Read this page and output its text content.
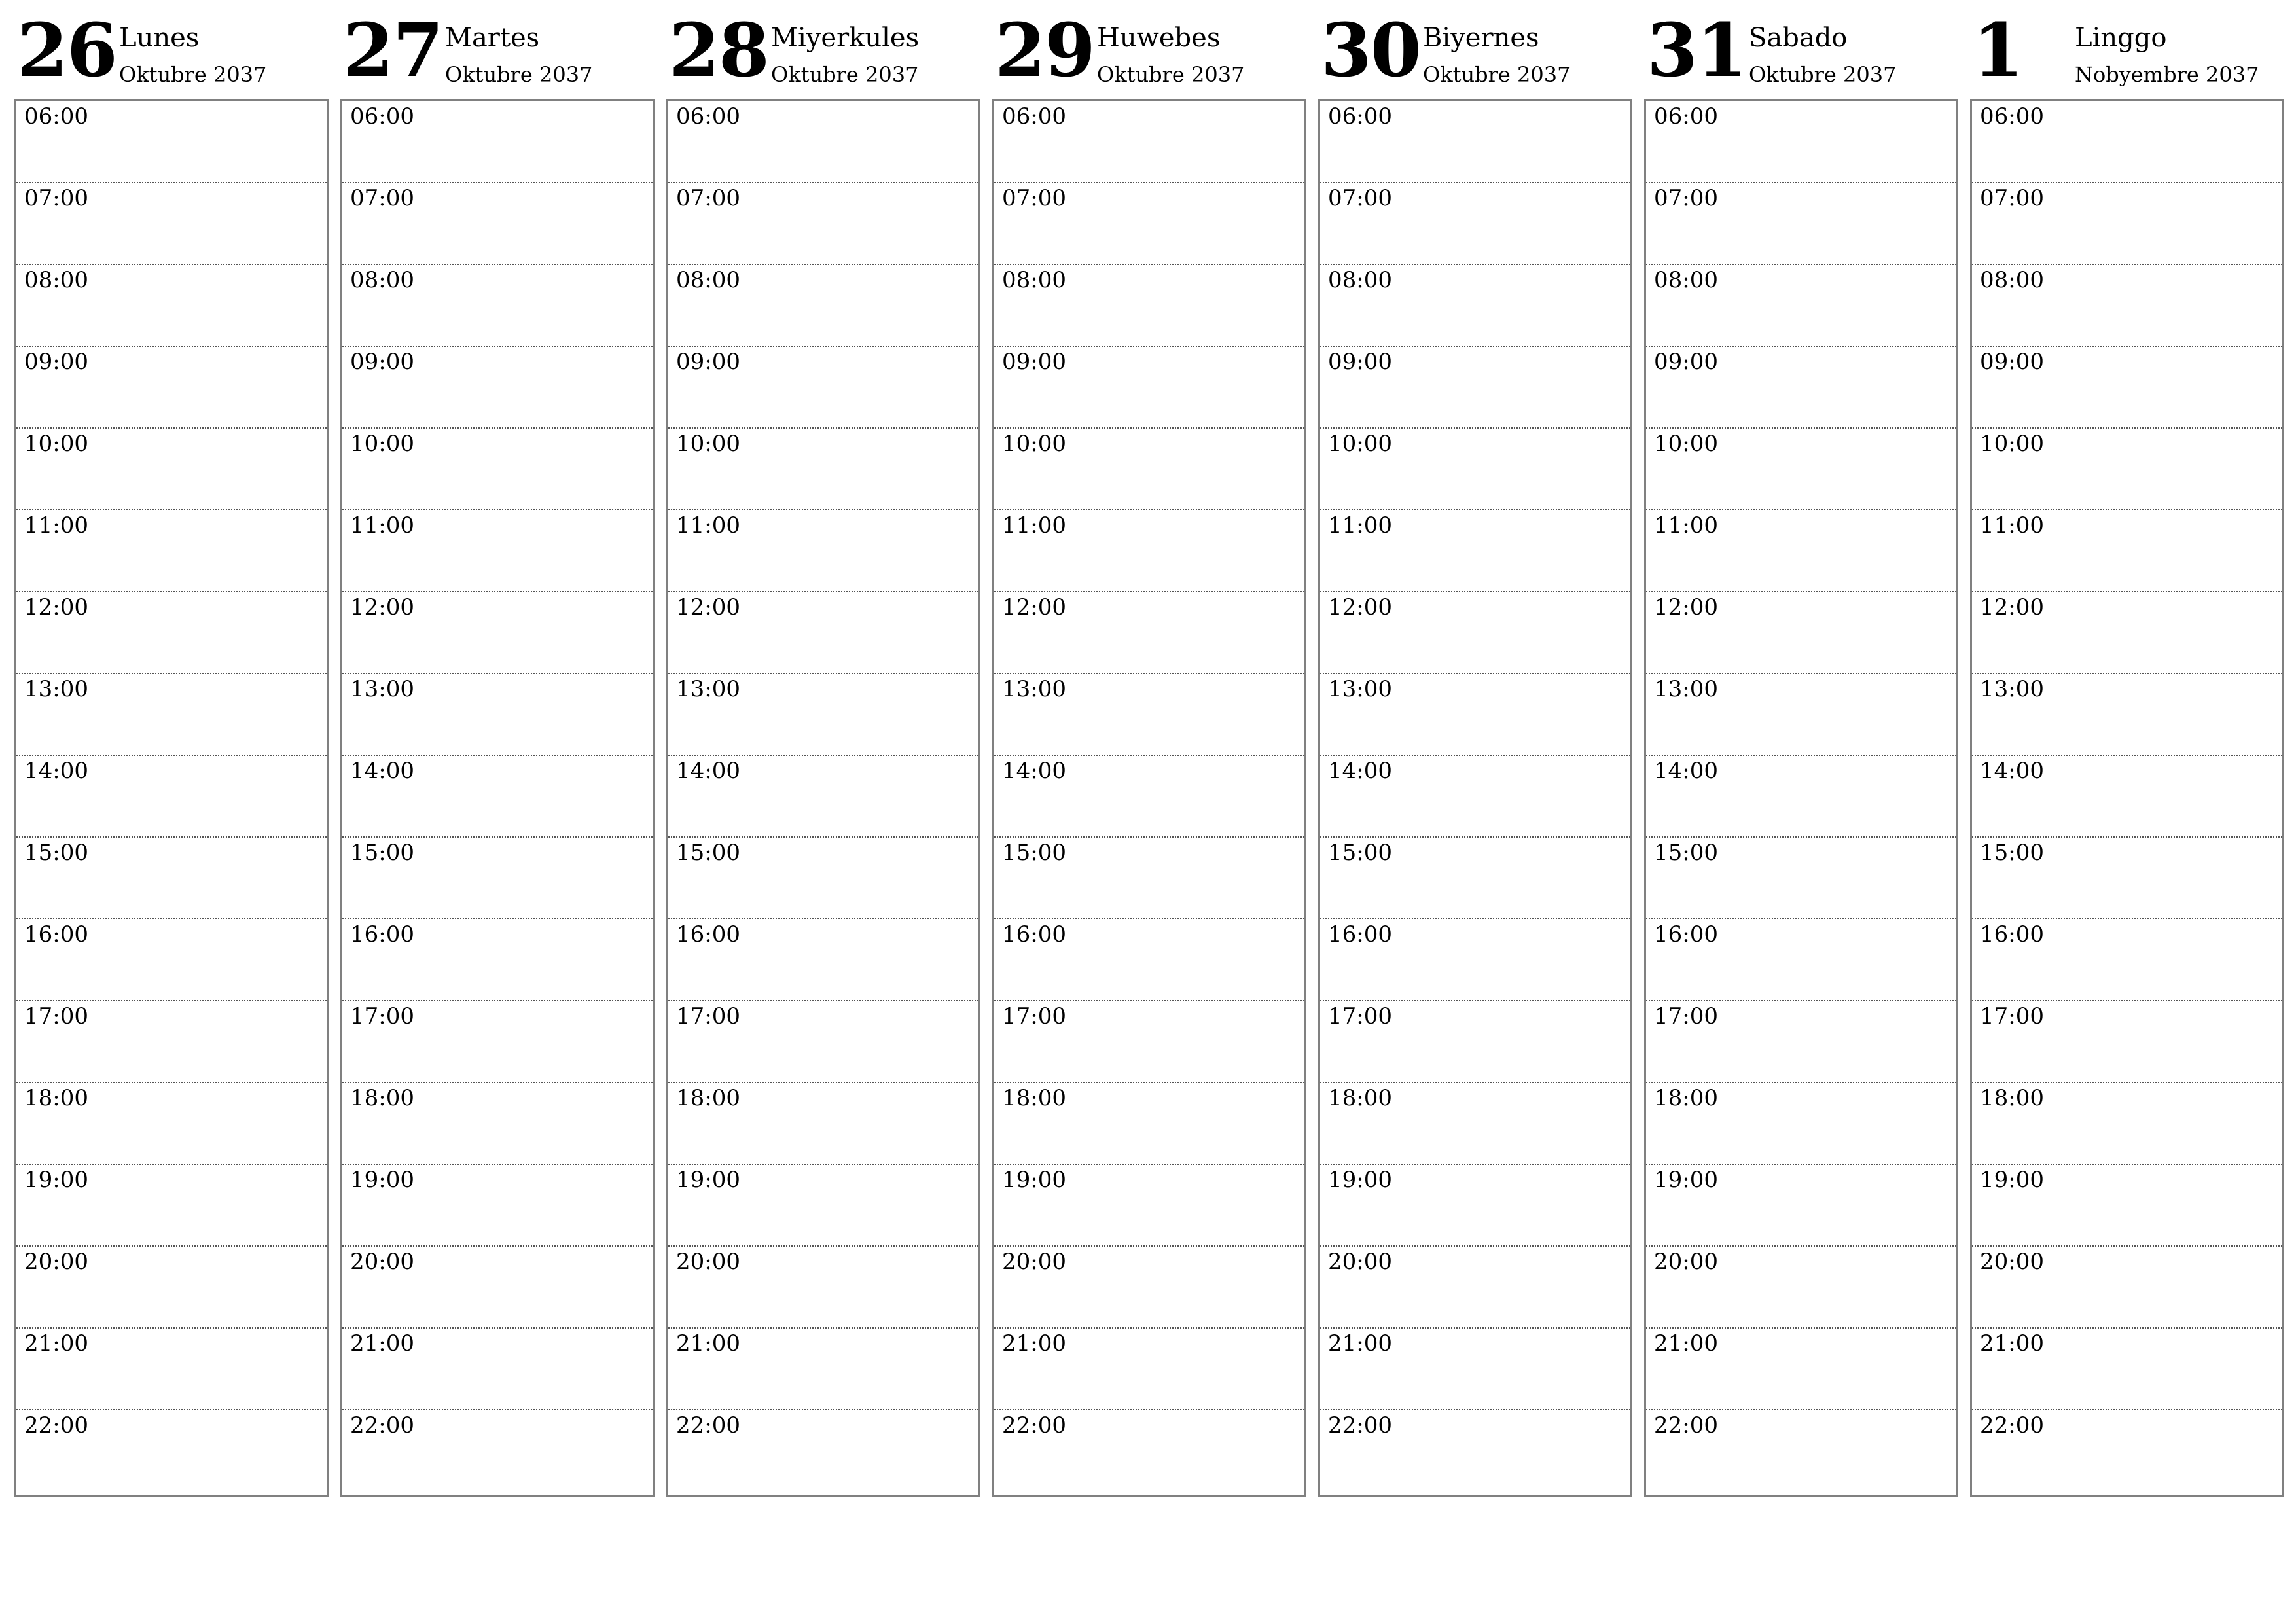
26 Lunes
Oktubre 2037
06:00
07:00
08:00
09:00
10:00
11:00
12:00
13:00
14:00
15:00
16:00
17:00
18:00
19:00
20:00
21:00
22:00
27 Martes
Oktubre 2037
06:00
07:00
08:00
09:00
10:00
11:00
12:00
13:00
14:00
15:00
16:00
17:00
18:00
19:00
20:00
21:00
22:00
28 Miyerkules
Oktubre 2037
06:00
07:00
08:00
09:00
10:00
11:00
12:00
13:00
14:00
15:00
16:00
17:00
18:00
19:00
20:00
21:00
22:00
29 Huwebes
Oktubre 2037
06:00
07:00
08:00
09:00
10:00
11:00
12:00
13:00
14:00
15:00
16:00
17:00
18:00
19:00
20:00
21:00
22:00
30 Biyernes
Oktubre 2037
06:00
07:00
08:00
09:00
10:00
11:00
12:00
13:00
14:00
15:00
16:00
17:00
18:00
19:00
20:00
21:00
22:00
31 Sabado
Oktubre 2037
06:00
07:00
08:00
09:00
10:00
11:00
12:00
13:00
14:00
15:00
16:00
17:00
18:00
19:00
20:00
21:00
22:00
1 Linggo
Nobyembre 2037
06:00
07:00
08:00
09:00
10:00
11:00
12:00
13:00
14:00
15:00
16:00
17:00
18:00
19:00
20:00
21:00
22:00
